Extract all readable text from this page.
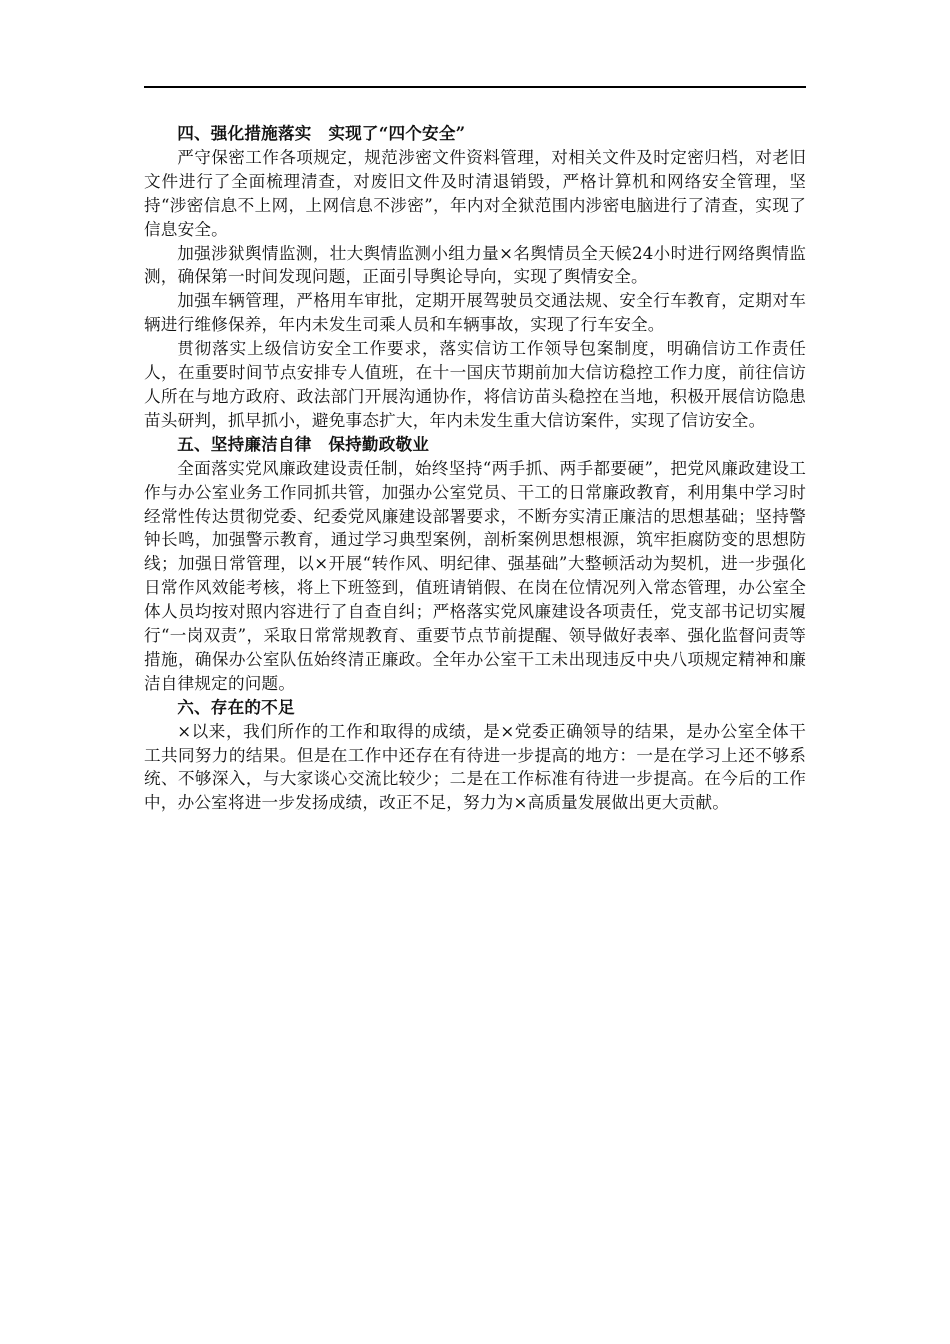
四、强化措施落实　实现了“四个安全”

严守保密工作各项规定，规范涉密文件资料管理，对相关文件及时定密归档，对老旧文件进行了全面梳理清查，对废旧文件及时清退销毁，严格计算机和网络安全管理，坚持“涉密信息不上网，上网信息不涉密”，年内对全狱范围内涉密电脑进行了清查，实现了信息安全。

加强涉狱舆情监测，壮大舆情监测小组力量×名舆情员全天候24小时进行网络舆情监测，确保第一时间发现问题，正面引导舆论导向，实现了舆情安全。

加强车辆管理，严格用车审批，定期开展驾驶员交通法规、安全行车教育，定期对车辆进行维修保养，年内未发生司乘人员和车辆事故，实现了行车安全。

贯彻落实上级信访安全工作要求，落实信访工作领导包案制度，明确信访工作责任人，在重要时间节点安排专人值班，在十一国庆节期前加大信访稳控工作力度，前往信访人所在与地方政府、政法部门开展沟通协作，将信访苗头稳控在当地，积极开展信访隐患苗头研判，抓早抓小，避免事态扩大，年内未发生重大信访案件，实现了信访安全。

五、坚持廉洁自律　保持勤政敬业

全面落实党风廉政建设责任制，始终坚持“两手抓、两手都要硬”，把党风廉政建设工作与办公室业务工作同抓共管，加强办公室党员、干工的日常廉政教育，利用集中学习时经常性传达贯彻党委、纪委党风廉建设部署要求，不断夯实清正廉洁的思想基础；坚持警钟长鸣，加强警示教育，通过学习典型案例，剖析案例思想根源，筑牢拒腐防变的思想防线；加强日常管理，以×开展“转作风、明纪律、强基础”大整顿活动为契机，进一步强化日常作风效能考核，将上下班签到，值班请销假、在岗在位情况列入常态管理，办公室全体人员均按对照内容进行了自查自纠；严格落实党风廉建设各项责任，党支部书记切实履行“一岗双责”，采取日常常规教育、重要节点节前提醒、领导做好表率、强化监督问责等措施，确保办公室队伍始终清正廉政。全年办公室干工未出现违反中央八项规定精神和廉洁自律规定的问题。

六、存在的不足

×以来，我们所作的工作和取得的成绩，是×党委正确领导的结果，是办公室全体干工共同努力的结果。但是在工作中还存在有待进一步提高的地方：一是在学习上还不够系统、不够深入，与大家谈心交流比较少；二是在工作标准有待进一步提高。在今后的工作中，办公室将进一步发扬成绩，改正不足，努力为×高质量发展做出更大贡献。
